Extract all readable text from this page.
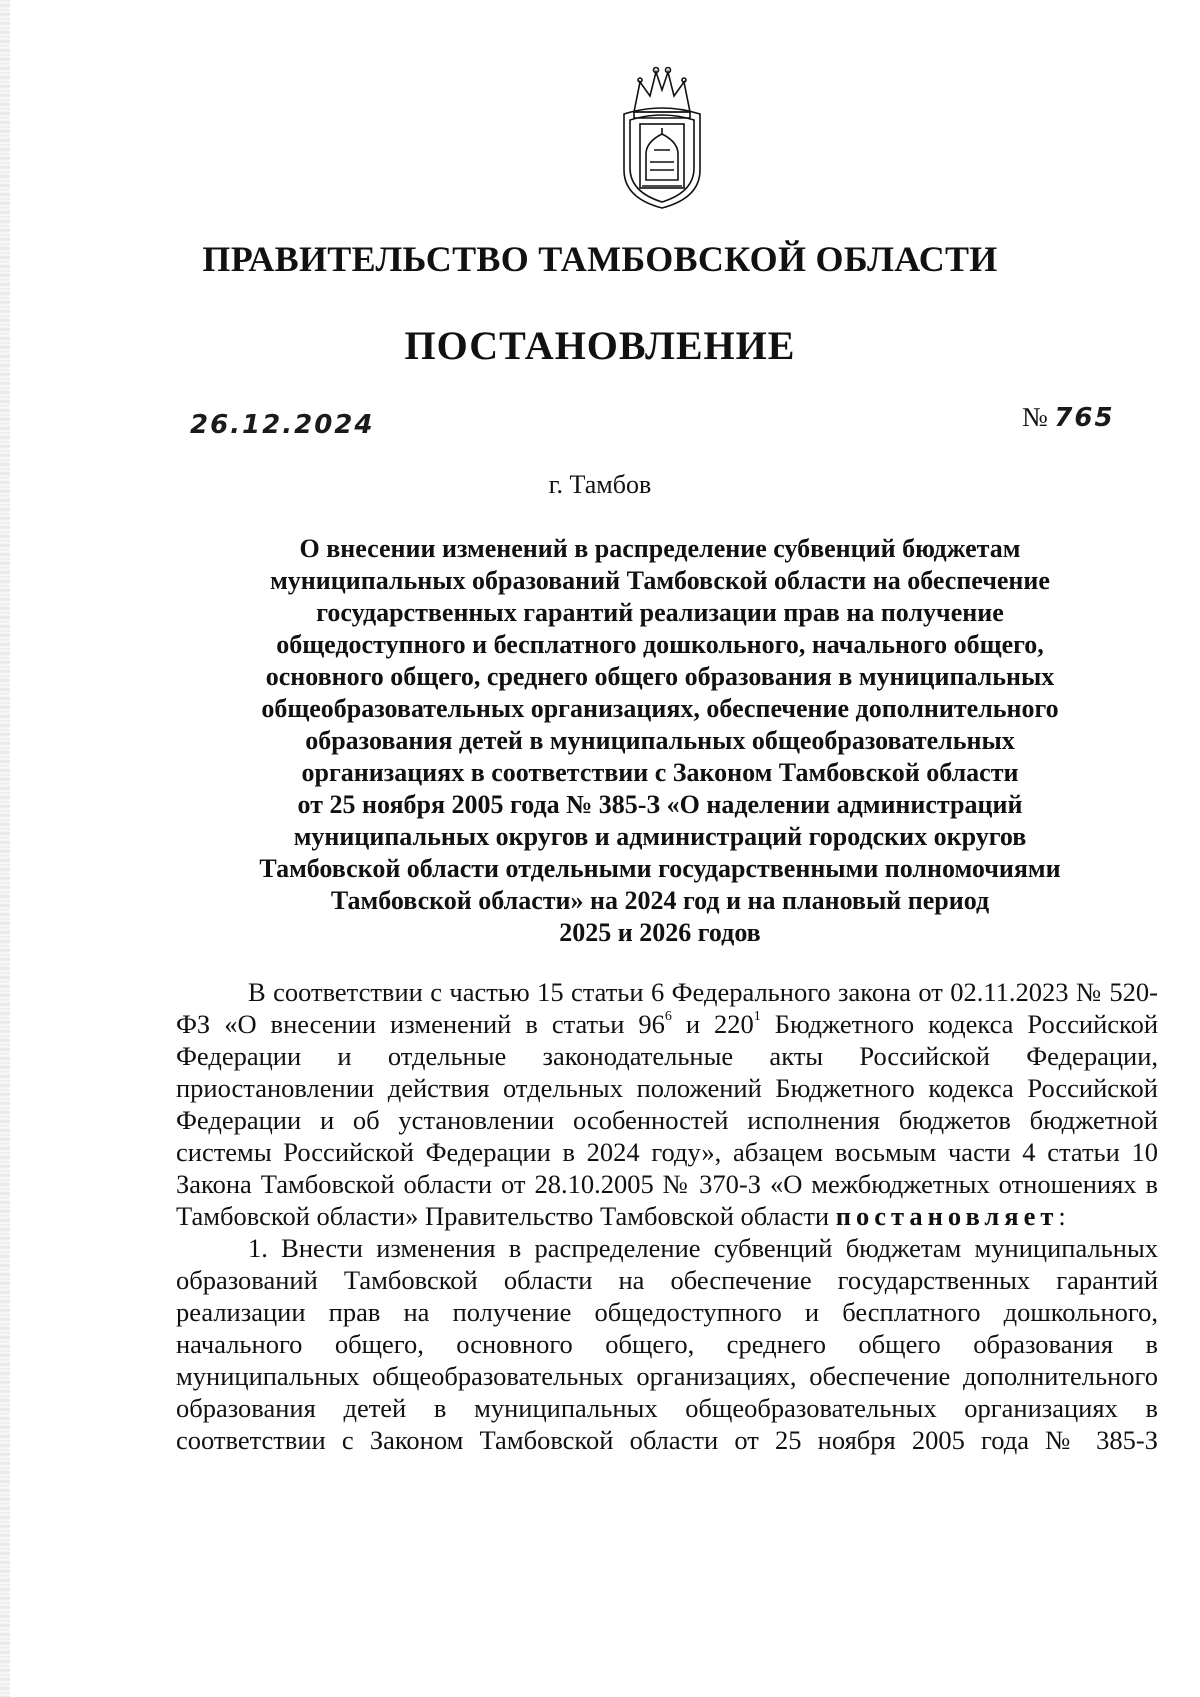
ПРАВИТЕЛЬСТВО ТАМБОВСКОЙ ОБЛАСТИ
ПОСТАНОВЛЕНИЕ
26.12.2024	№ 765
г. Тамбов
О внесении изменений в распределение субвенций бюджетам
муниципальных образований Тамбовской области на обеспечение
государственных гарантий реализации прав на получение
общедоступного и бесплатного дошкольного, начального общего,
основного общего, среднего общего образования в муниципальных
общеобразовательных организациях, обеспечение дополнительного
образования детей в муниципальных общеобразовательных
организациях в соответствии с Законом Тамбовской области
от 25 ноября 2005 года № 385-З «О наделении администраций
муниципальных округов и администраций городских округов
Тамбовской области отдельными государственными полномочиями
Тамбовской области» на 2024 год и на плановый период
2025 и 2026 годов

В соответствии с частью 15 статьи 6 Федерального закона от 02.11.2023 № 520-ФЗ «О внесении изменений в статьи $96^6$ и $220^1$ Бюджетного кодекса Российской Федерации и отдельные законодательные акты Российской Федерации, приостановлении действия отдельных положений Бюджетного кодекса Российской Федерации и об установлении особенностей исполнения бюджетов бюджетной системы Российской Федерации в 2024 году», абзацем восьмым части 4 статьи 10 Закона Тамбовской области от 28.10.2005 № 370-З «О межбюджетных отношениях в Тамбовской области» Правительство Тамбовской области постановляет:

1. Внести изменения в распределение субвенций бюджетам муниципальных образований Тамбовской области на обеспечение государственных гарантий реализации прав на получение общедоступного и бесплатного дошкольного, начального общего, основного общего, среднего общего образования в муниципальных общеобразовательных организациях, обеспечение дополнительного образования детей в муниципальных общеобразовательных организациях в соответствии с Законом Тамбовской области от 25 ноября 2005 года № 385-З
